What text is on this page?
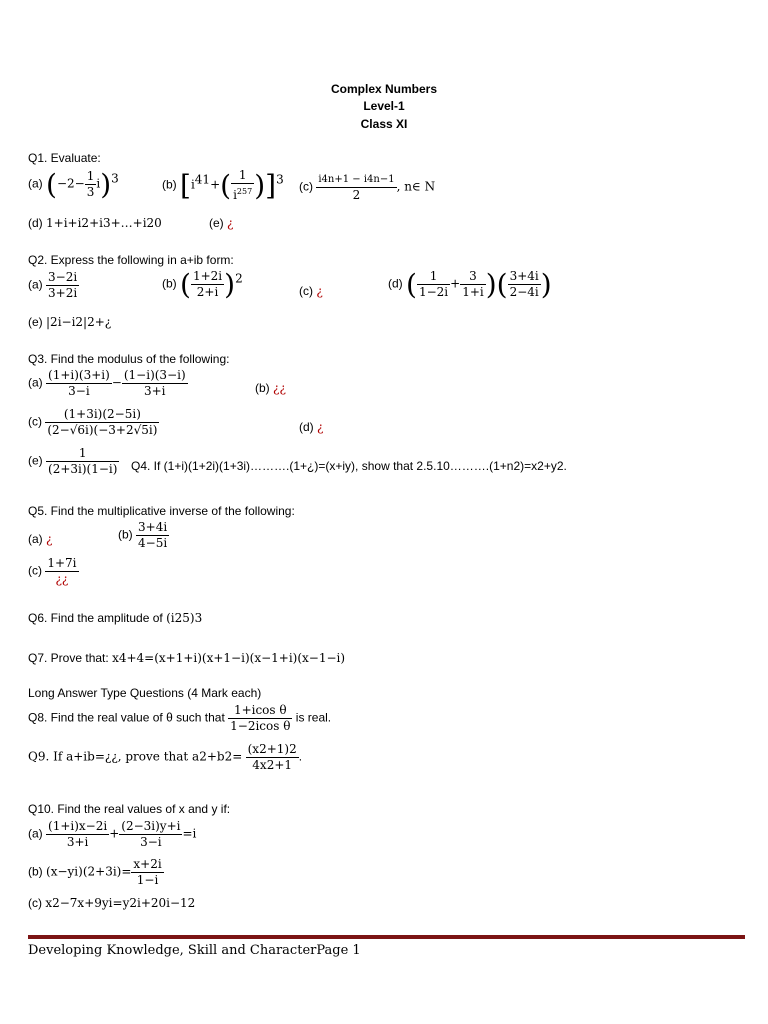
Complex Numbers
Level-1
Class XI
Q1. Evaluate:
(a) $(-2- \frac{1}{3} i)^3$	(b) $[i^{41}+( \frac{1}{i^{257}} )]^3$ $(c) \frac{i4n+1 - i4n-1}{2}$ , n∈ N
(d) 1+i+i2+i3+…+i20	(e) ¿
Q2. Express the following in a+ib form:
$(a) \frac{3-2i}{3+2i}$	(b) ( $\frac{1+2i}{2+i} )^2$
(c) ¿
(d) ( $\frac{1}{1-2i} + \frac{3}{1+i}$ )( $\frac{3+4i}{2-4i}$ )
(e) |2i−i2|2+¿
Q3. Find the modulus of the following:
$(a) \frac{(1+i)(3+i)}{3-i} - \frac{(1-i)(3-i)}{3+i}$	(b) ¿¿
$(c) \frac{(1+3i)(2-5i)}{(2-√6i)(-3+2√5i)}$	(d) ¿
$(e) \frac{1}{(2+3i)(1-i)} Q4$. If (1+i)(1+2i)(1+3i)……….(1+¿)=(x+iy), show that 2.5.10……….(1+n2)=x2+y2.
Q5. Find the multiplicative inverse of the following:
(a) ¿	$(b) \frac{3+4i}{4-5i}$
$(c) \frac{1+7i}{¿¿}$
Q6. Find the amplitude of (i25)3
Q7. Prove that: x4+4=(x+1+i)(x+1−i)(x−1+i)(x−1−i)
Long Answer Type Questions (4 Mark each)
Q8. Find the real value of θ such that $\frac{\text{1+icos θ}}{\text{1−2icos θ}}$ is real.
Q9. If a+ib=¿¿, prove that $a2+b2= \frac{(x2+1)2}{4x2+1}$ .
Q10. Find the real values of x and y if:
$(a) \frac{(1+i)x-2i}{3+i} + \frac{(2-3i)y+i}{3-i} =i$
(b) $(x-yi)(2+3i)= \frac{x+2i}{1-i}$
(c) x2−7x+9yi=y2i+20i−12
Developing Knowledge, Skill and CharacterPage 1
